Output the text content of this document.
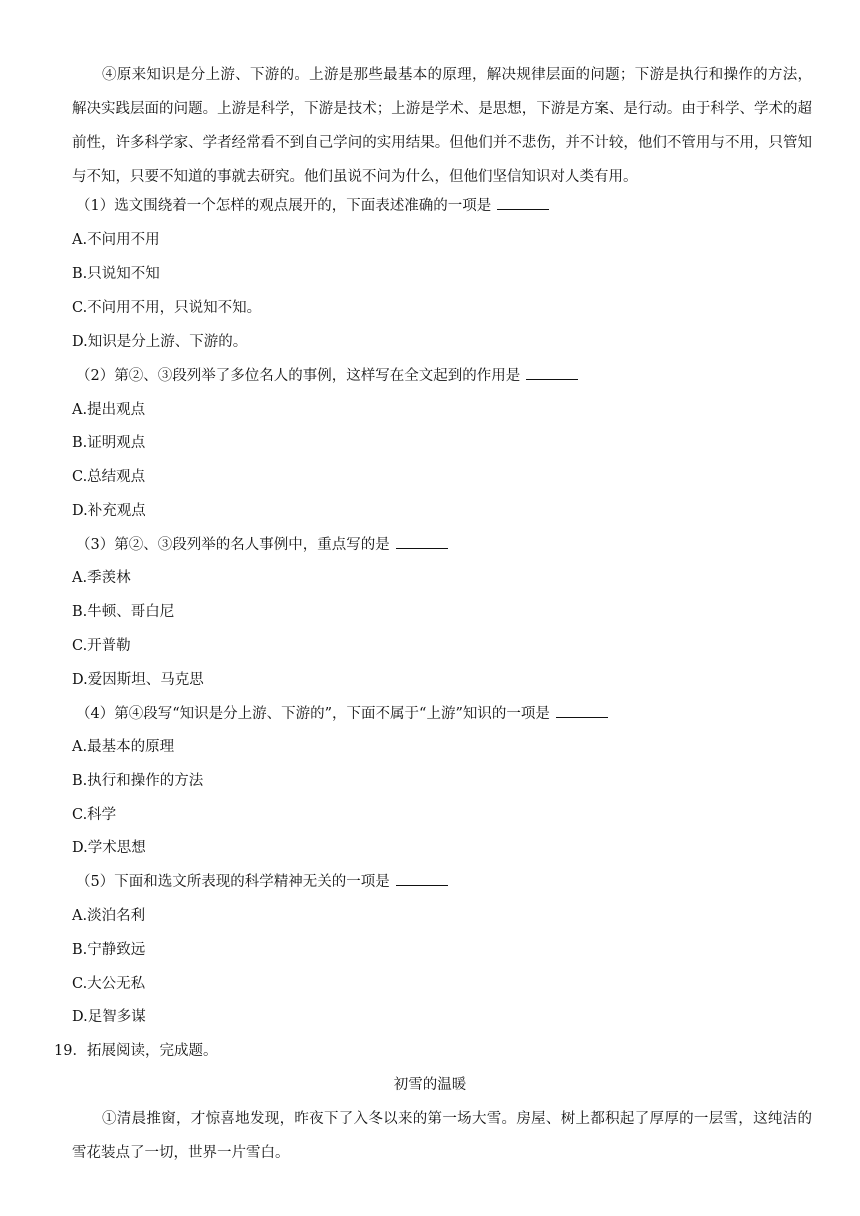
④原来知识是分上游、下游的。上游是那些最基本的原理，解决规律层面的问题；下游是执行和操作的方法，解决实践层面的问题。上游是科学，下游是技术；上游是学术、是思想，下游是方案、是行动。由于科学、学术的超前性，许多科学家、学者经常看不到自己学问的实用结果。但他们并不悲伤，并不计较，他们不管用与不用，只管知与不知，只要不知道的事就去研究。他们虽说不问为什么，但他们坚信知识对人类有用。
（1）选文围绕着一个怎样的观点展开的，下面表述准确的一项是
A.不问用不用
B.只说知不知
C.不问用不用，只说知不知。
D.知识是分上游、下游的。
（2）第②、③段列举了多位名人的事例，这样写在全文起到的作用是
A.提出观点
B.证明观点
C.总结观点
D.补充观点
（3）第②、③段列举的名人事例中，重点写的是
A.季羡林
B.牛顿、哥白尼
C.开普勒
D.爱因斯坦、马克思
（4）第④段写“知识是分上游、下游的”，下面不属于“上游”知识的一项是
A.最基本的原理
B.执行和操作的方法
C.科学
D.学术思想
（5）下面和选文所表现的科学精神无关的一项是
A.淡泊名利
B.宁静致远
C.大公无私
D.足智多谋
19．拓展阅读，完成题。
初雪的温暖
①清晨推窗，才惊喜地发现，昨夜下了入冬以来的第一场大雪。房屋、树上都积起了厚厚的一层雪，这纯洁的雪花装点了一切，世界一片雪白。
